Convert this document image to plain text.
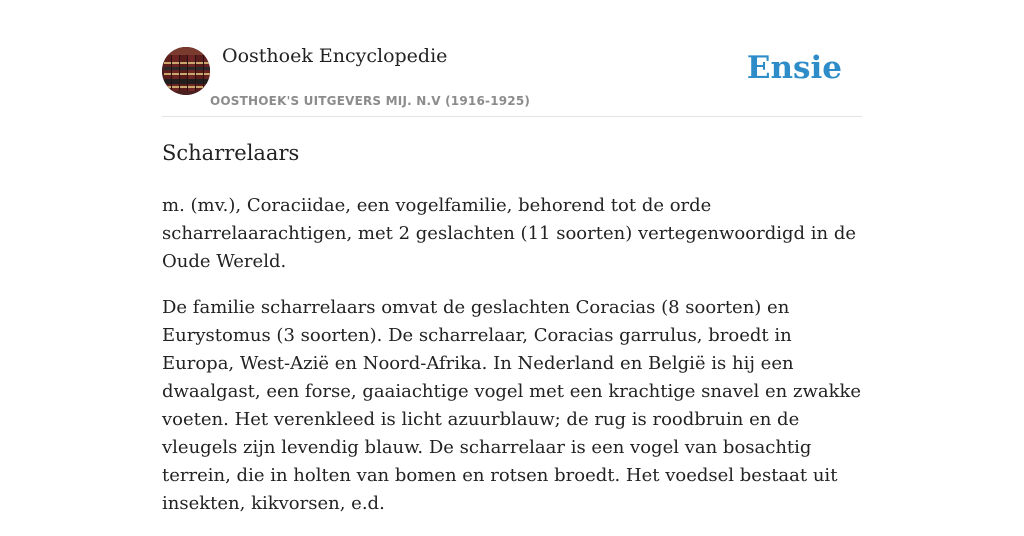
Oosthoek Encyclopedie
OOSTHOEK'S UITGEVERS MIJ. N.V (1916-1925)
Ensie
Scharrelaars

m. (mv.), Coraciidae, een vogelfamilie, behorend tot de orde scharrelaarachtigen, met 2 geslachten (11 soorten) vertegenwoordigd in de Oude Wereld.

De familie scharrelaars omvat de geslachten Coracias (8 soorten) en Eurystomus (3 soorten). De scharrelaar, Coracias garrulus, broedt in Europa, West-Azië en Noord-Afrika. In Nederland en België is hij een dwaalgast, een forse, gaaiachtige vogel met een krachtige snavel en zwakke voeten. Het verenkleed is licht azuurblauw; de rug is roodbruin en de vleugels zijn levendig blauw. De scharrelaar is een vogel van bosachtig terrein, die in holten van bomen en rotsen broedt. Het voedsel bestaat uit insekten, kikvorsen, e.d.
